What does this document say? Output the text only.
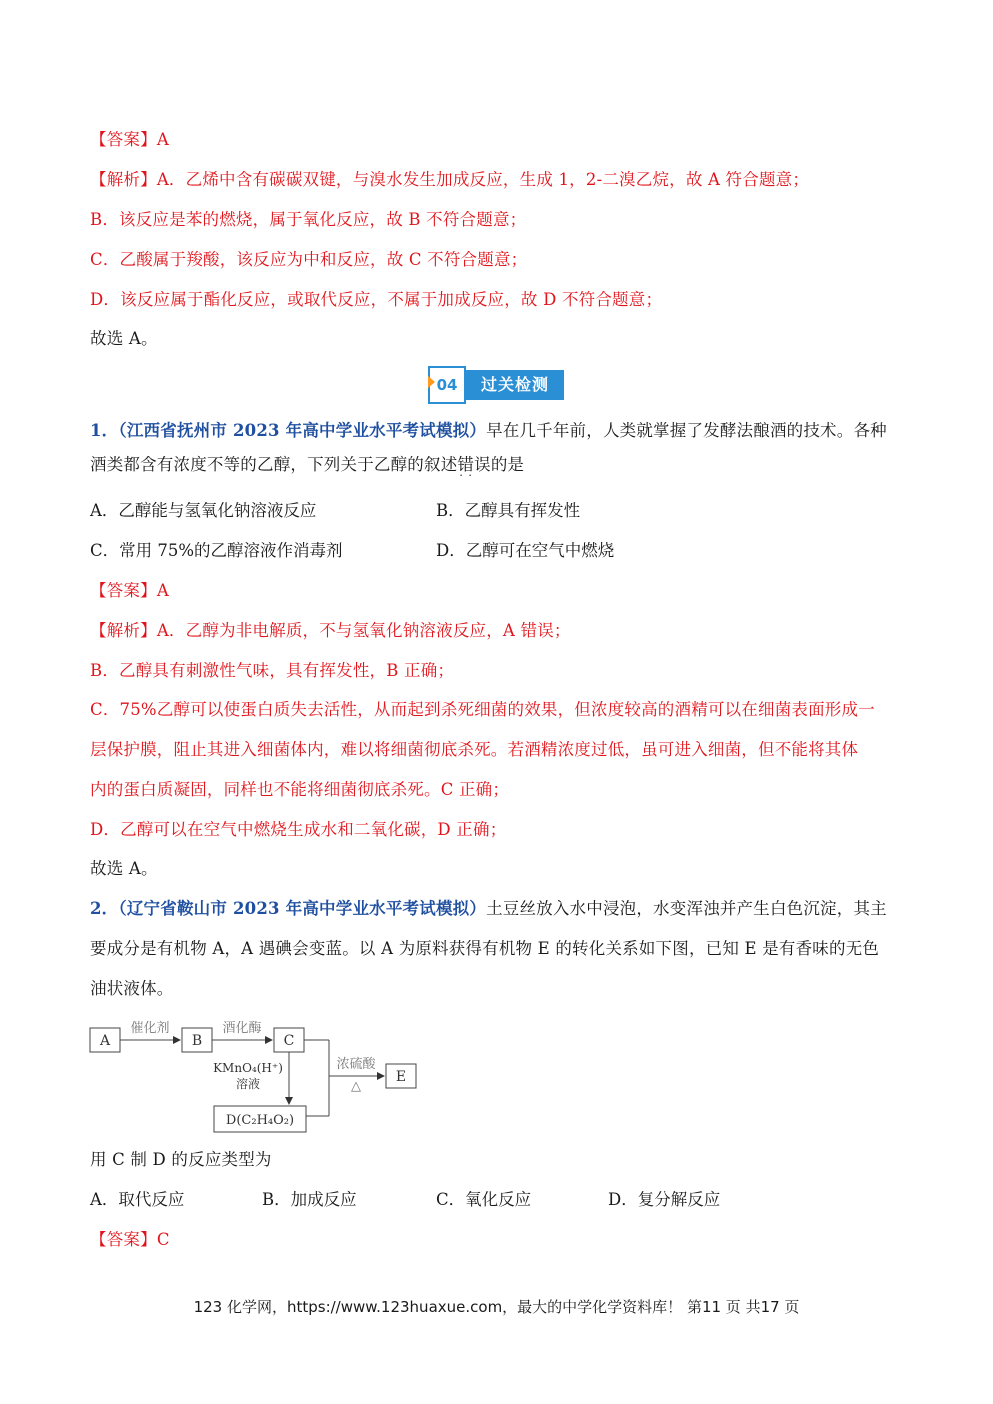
【答案】A
【解析】A．乙烯中含有碳碳双键，与溴水发生加成反应，生成 1，2-二溴乙烷，故 A 符合题意；
B．该反应是苯的燃烧，属于氧化反应，故 B 不符合题意；
C．乙酸属于羧酸，该反应为中和反应，故 C 不符合题意；
D．该反应属于酯化反应，或取代反应，不属于加成反应，故 D 不符合题意；
故选 A。
04	过关检测
1．（江西省抚州市 2023 年高中学业水平考试模拟）早在几千年前，人类就掌握了发酵法酿酒的技术。各种
酒类都含有浓度不等的乙醇，下列关于乙醇的叙述错误 · ·的是
A．乙醇能与氢氧化钠溶液反应	B．乙醇具有挥发性
C．常用 75%的乙醇溶液作消毒剂	D．乙醇可在空气中燃烧
【答案】A
【解析】A．乙醇为非电解质，不与氢氧化钠溶液反应，A 错误；
B．乙醇具有刺激性气味，具有挥发性，B 正确；
C．75%乙醇可以使蛋白质失去活性，从而起到杀死细菌的效果，但浓度较高的酒精可以在细菌表面形成一
层保护膜，阻止其进入细菌体内，难以将细菌彻底杀死。若酒精浓度过低，虽可进入细菌，但不能将其体
内的蛋白质凝固，同样也不能将细菌彻底杀死。C 正确；
D．乙醇可以在空气中燃烧生成水和二氧化碳，D 正确；
故选 A。
2．（辽宁省鞍山市 2023 年高中学业水平考试模拟）土豆丝放入水中浸泡，水变浑浊并产生白色沉淀，其主
要成分是有机物 A，A 遇碘会变蓝。以 A 为原料获得有机物 E 的转化关系如下图，已知 E 是有香味的无色
油状液体。
A
催化剂
B
酒化酶
C
KMnO₄(H⁺)
溶液
D(C₂H₄O₂)
浓硫酸
△
E
用 C 制 D 的反应类型为
A．取代反应	B．加成反应	C．氧化反应	D．复分解反应
【答案】C
123 化学网，https://www.123huaxue.com，最大的中学化学资料库！ 第11 页 共17 页
